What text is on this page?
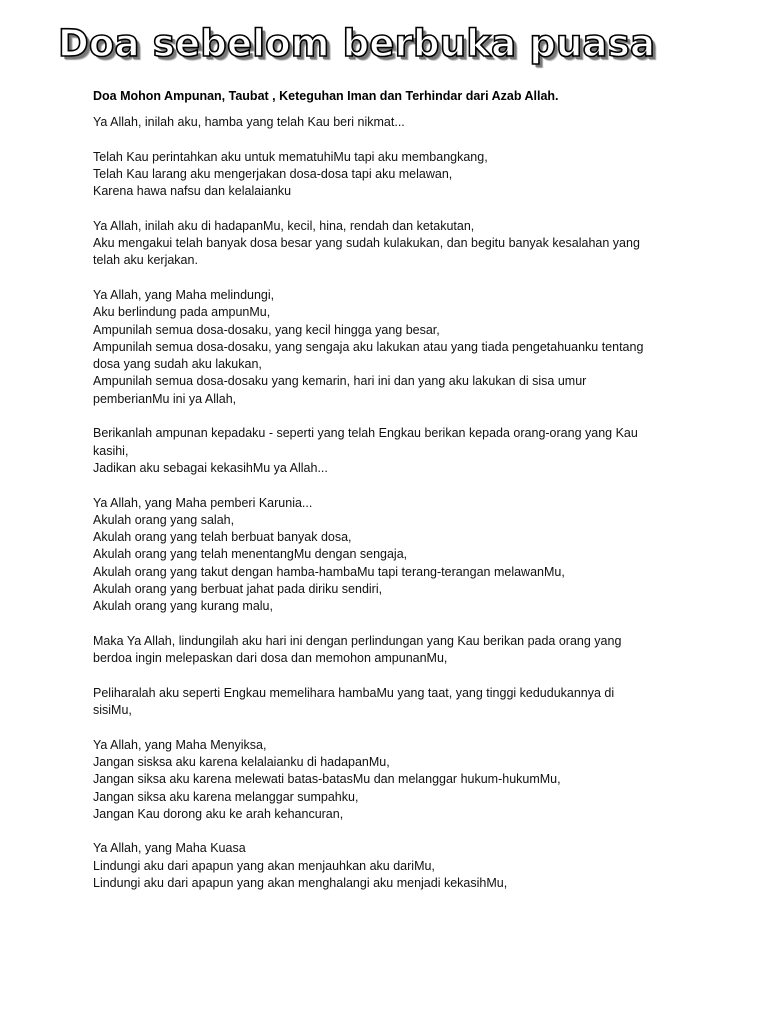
Doa sebelom berbuka puasa

Doa Mohon Ampunan, Taubat , Keteguhan Iman dan Terhindar dari Azab Allah.

Ya Allah, inilah aku, hamba yang telah Kau beri nikmat...

Telah Kau perintahkan aku untuk mematuhiMu tapi aku membangkang,
Telah Kau larang aku mengerjakan dosa-dosa tapi aku melawan,
Karena hawa nafsu dan kelalaianku

Ya Allah, inilah aku di hadapanMu, kecil, hina, rendah dan ketakutan,
Aku mengakui telah banyak dosa besar yang sudah kulakukan, dan begitu banyak kesalahan yang
telah aku kerjakan.

Ya Allah, yang Maha melindungi,
Aku berlindung pada ampunMu,
Ampunilah semua dosa-dosaku, yang kecil hingga yang besar,
Ampunilah semua dosa-dosaku, yang sengaja aku lakukan atau yang tiada pengetahuanku tentang
dosa yang sudah aku lakukan,
Ampunilah semua dosa-dosaku yang kemarin, hari ini dan yang aku lakukan di sisa umur
pemberianMu ini ya Allah,

Berikanlah ampunan kepadaku - seperti yang telah Engkau berikan kepada orang-orang yang Kau
kasihi,
Jadikan aku sebagai kekasihMu ya Allah...

Ya Allah, yang Maha pemberi Karunia...
Akulah orang yang salah,
Akulah orang yang telah berbuat banyak dosa,
Akulah orang yang telah menentangMu dengan sengaja,
Akulah orang yang takut dengan hamba-hambaMu tapi terang-terangan melawanMu,
Akulah orang yang berbuat jahat pada diriku sendiri,
Akulah orang yang kurang malu,

Maka Ya Allah, lindungilah aku hari ini dengan perlindungan yang Kau berikan pada orang yang
berdoa ingin melepaskan dari dosa dan memohon ampunanMu,

Peliharalah aku seperti Engkau memelihara hambaMu yang taat, yang tinggi kedudukannya di
sisiMu,

Ya Allah, yang Maha Menyiksa,
Jangan sisksa aku karena kelalaianku di hadapanMu,
Jangan siksa aku karena melewati batas-batasMu dan melanggar hukum-hukumMu,
Jangan siksa aku karena melanggar sumpahku,
Jangan Kau dorong aku ke arah kehancuran,

Ya Allah, yang Maha Kuasa
Lindungi aku dari apapun yang akan menjauhkan aku dariMu,
Lindungi aku dari apapun yang akan menghalangi aku menjadi kekasihMu,
